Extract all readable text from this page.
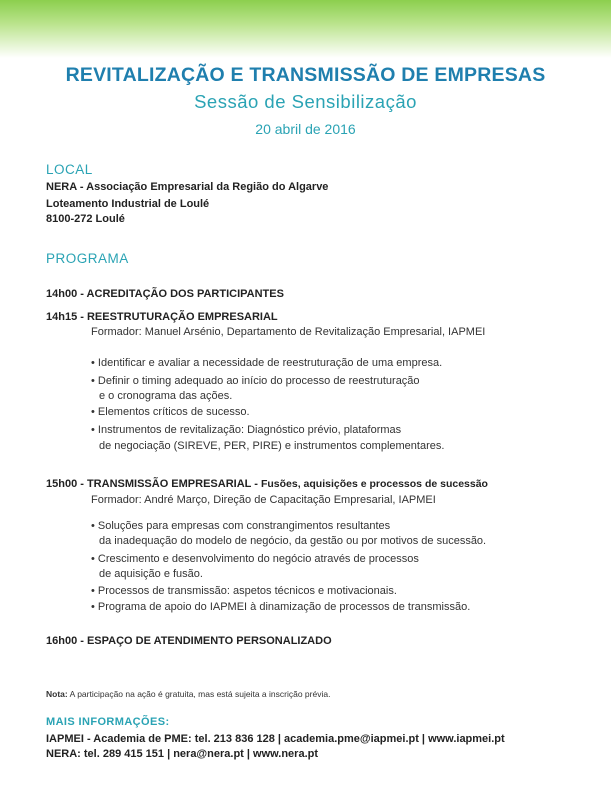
REVITALIZAÇÃO E TRANSMISSÃO DE EMPRESAS
Sessão de Sensibilização
20 abril de 2016
LOCAL
NERA - Associação Empresarial da Região do Algarve
Loteamento Industrial de Loulé
8100-272 Loulé
PROGRAMA
14h00 - ACREDITAÇÃO DOS PARTICIPANTES
14h15 - REESTRUTURAÇÃO EMPRESARIAL
Formador: Manuel Arsénio, Departamento de Revitalização Empresarial, IAPMEI
• Identificar e avaliar a necessidade de reestruturação de uma empresa.
• Definir o timing adequado ao início do processo de reestruturação
e o cronograma das ações.
• Elementos críticos de sucesso.
• Instrumentos de revitalização: Diagnóstico prévio, plataformas
de negociação (SIREVE, PER, PIRE) e instrumentos complementares.
15h00 - TRANSMISSÃO EMPRESARIAL - Fusões, aquisições e processos de sucessão
Formador: André Março, Direção de Capacitação Empresarial, IAPMEI
• Soluções para empresas com constrangimentos resultantes
da inadequação do modelo de negócio, da gestão ou por motivos de sucessão.
• Crescimento e desenvolvimento do negócio através de processos
de aquisição e fusão.
• Processos de transmissão: aspetos técnicos e motivacionais.
• Programa de apoio do IAPMEI à dinamização de processos de transmissão.
16h00 - ESPAÇO DE ATENDIMENTO PERSONALIZADO
Nota: A participação na ação é gratuita, mas está sujeita a inscrição prévia.
MAIS INFORMAÇÕES:
IAPMEI - Academia de PME: tel. 213 836 128 | academia.pme@iapmei.pt | www.iapmei.pt
NERA: tel. 289 415 151 | nera@nera.pt | www.nera.pt
